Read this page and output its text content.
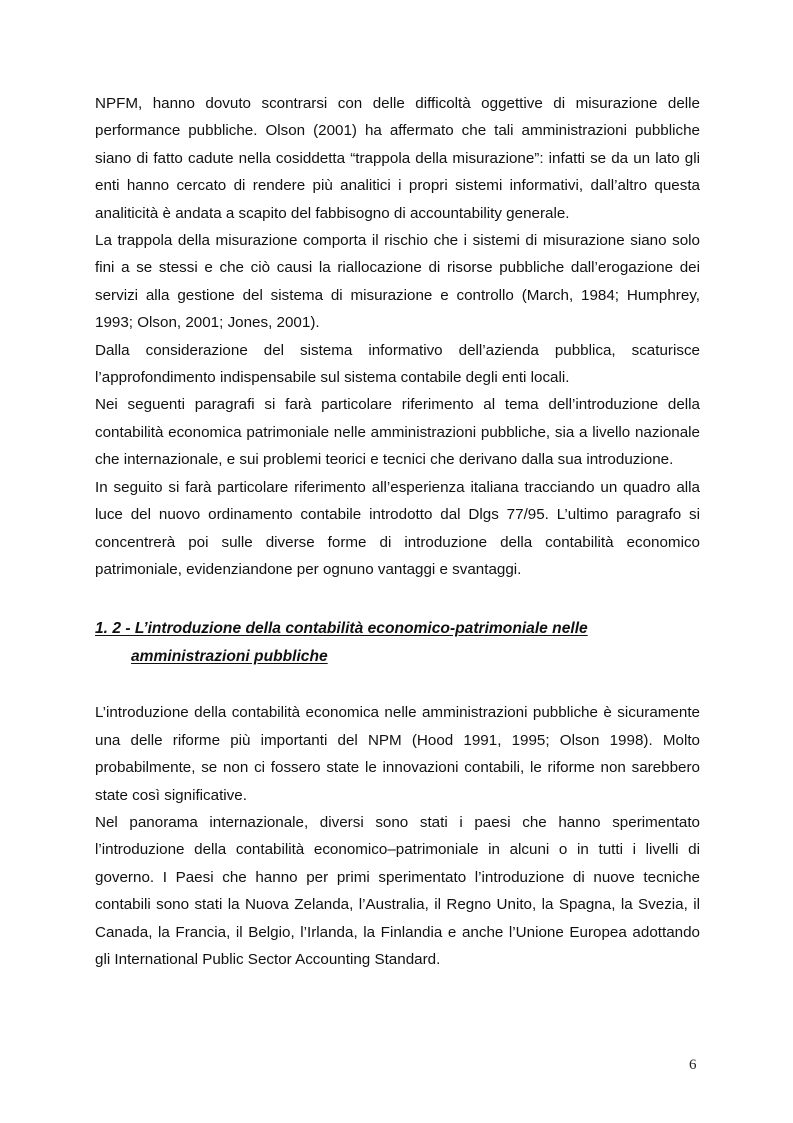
NPFM, hanno dovuto scontrarsi con delle difficoltà oggettive di misurazione delle performance pubbliche. Olson (2001) ha affermato che tali amministrazioni pubbliche siano di fatto cadute nella cosiddetta “trappola della misurazione”: infatti se da un lato gli enti hanno cercato di rendere più analitici i propri sistemi informativi, dall’altro questa analiticità è andata a scapito del fabbisogno di accountability generale.

La trappola della misurazione comporta il rischio che i sistemi di misurazione siano solo fini a se stessi e che ciò causi la riallocazione di risorse pubbliche dall’erogazione dei servizi alla gestione del sistema di misurazione e controllo (March, 1984; Humphrey, 1993; Olson, 2001; Jones, 2001).

Dalla considerazione del sistema informativo dell’azienda pubblica, scaturisce l’approfondimento indispensabile sul sistema contabile degli enti locali.

Nei seguenti paragrafi si farà particolare riferimento al tema dell’introduzione della contabilità economica patrimoniale nelle amministrazioni pubbliche, sia a livello nazionale che internazionale, e sui problemi teorici e tecnici che derivano dalla sua introduzione.

In seguito si farà particolare riferimento all’esperienza italiana tracciando un quadro alla luce del nuovo ordinamento contabile introdotto dal Dlgs 77/95. L’ultimo paragrafo si concentrerà poi sulle diverse forme di introduzione della contabilità economico patrimoniale, evidenziandone per ognuno vantaggi e svantaggi.

1. 2 - L’introduzione della contabilità economico-patrimoniale nelle
amministrazioni pubbliche

L’introduzione della contabilità economica nelle amministrazioni pubbliche è sicuramente una delle riforme più importanti del NPM (Hood 1991, 1995; Olson 1998). Molto probabilmente, se non ci fossero state le innovazioni contabili, le riforme non sarebbero state così significative.

Nel panorama internazionale, diversi sono stati i paesi che hanno sperimentato l’introduzione della contabilità economico–patrimoniale in alcuni o in tutti i livelli di governo. I Paesi che hanno per primi sperimentato l’introduzione di nuove tecniche contabili sono stati la Nuova Zelanda, l’Australia, il Regno Unito, la Spagna, la Svezia, il Canada, la Francia, il Belgio, l’Irlanda, la Finlandia e anche l’Unione Europea adottando gli International Public Sector Accounting Standard.

6
